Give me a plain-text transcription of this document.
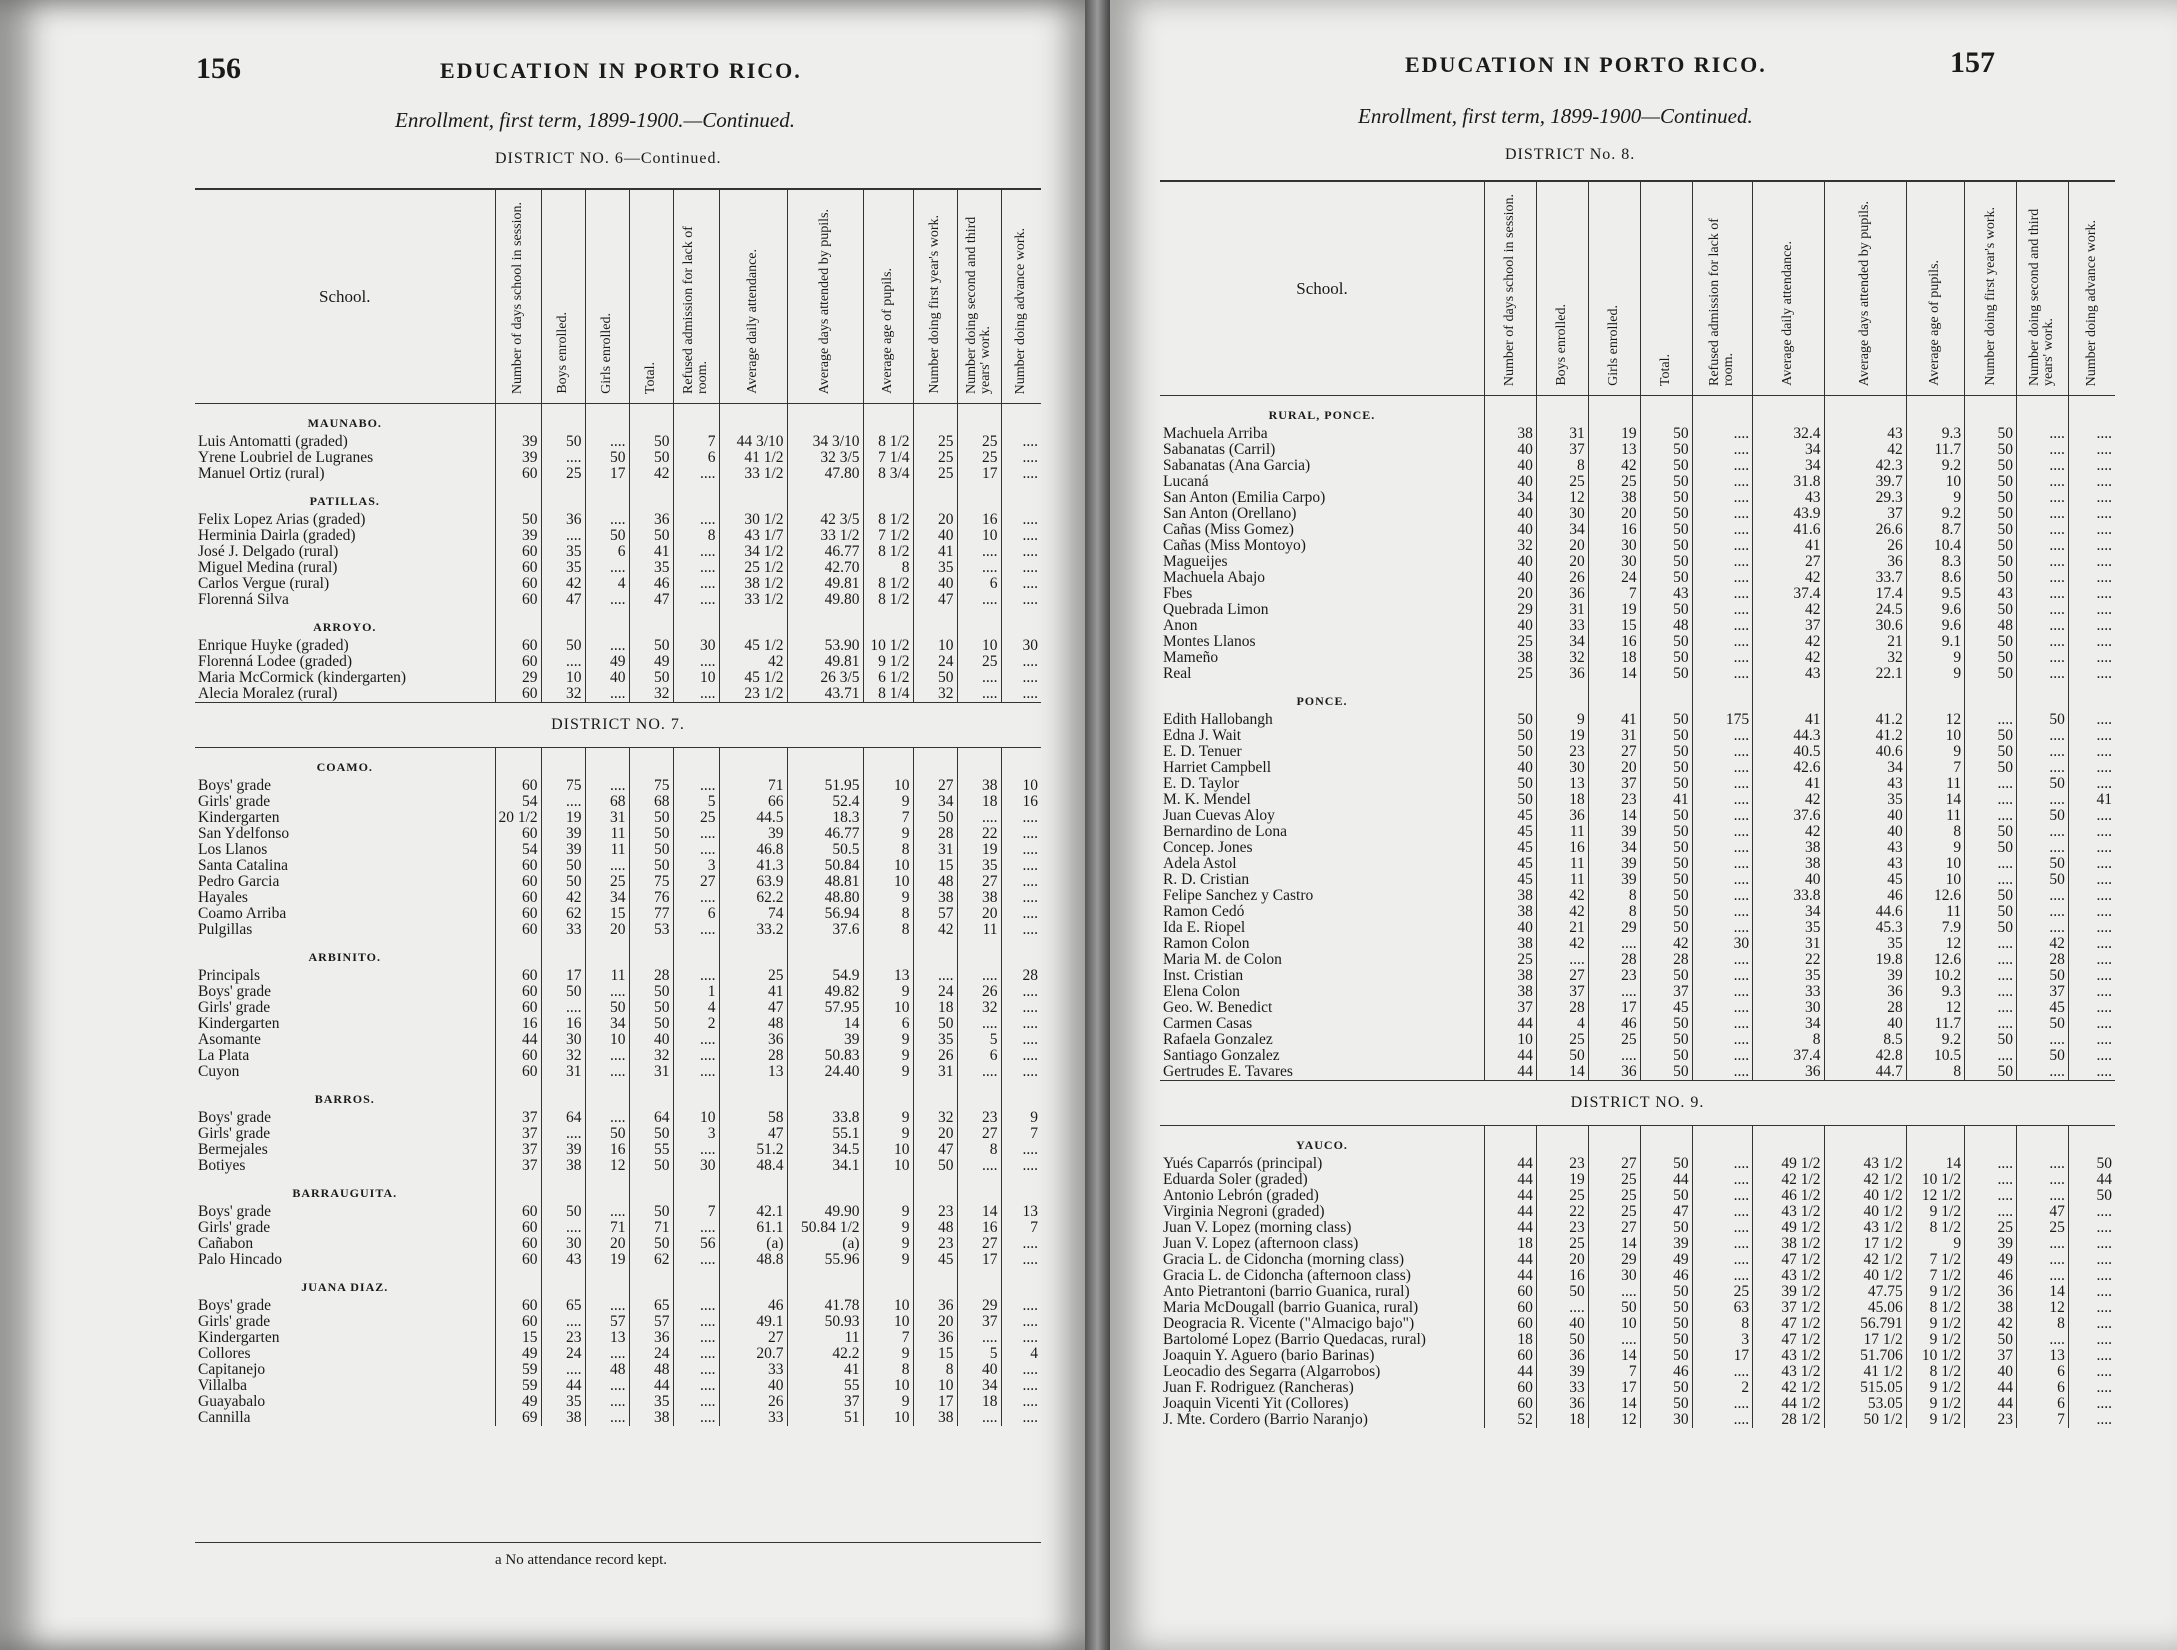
156	EDUCATION IN PORTO RICO.
Enrollment, first term, 1899-1900.—Continued.
DISTRICT NO. 6—Continued.
School.	Number of days school in session.	Boys enrolled.	Girls enrolled.	Total.	Refused admission for lack of room.	Average daily attendance.	Average days attended by pupils.	Average age of pupils.	Number doing first year's work.	Number doing second and third years' work.	Number doing advance work.
MAUNABO.											
Luis Antomatti (graded)	39	50	....	50	7	44 3/10	34 3/10	8 1/2	25	25	....
Yrene Loubriel de Lugranes	39	....	50	50	6	41 1/2	32 3/5	7 1/4	25	25	....
Manuel Ortiz (rural)	60	25	17	42	....	33 1/2	47.80	8 3/4	25	17	....
PATILLAS.											
Felix Lopez Arias (graded)	50	36	....	36	....	30 1/2	42 3/5	8 1/2	20	16	....
Herminia Dairla (graded)	39	....	50	50	8	43 1/7	33 1/2	7 1/2	40	10	....
José J. Delgado (rural)	60	35	6	41	....	34 1/2	46.77	8 1/2	41	....	....
Miguel Medina (rural)	60	35	....	35	....	25 1/2	42.70	8	35	....	....
Carlos Vergue (rural)	60	42	4	46	....	38 1/2	49.81	8 1/2	40	6	....
Florenná Silva	60	47	....	47	....	33 1/2	49.80	8 1/2	47	....	....
ARROYO.											
Enrique Huyke (graded)	60	50	....	50	30	45 1/2	53.90	10 1/2	10	10	30
Florenná Lodee (graded)	60	....	49	49	....	42	49.81	9 1/2	24	25	....
Maria McCormick (kindergarten)	29	10	40	50	10	45 1/2	26 3/5	6 1/2	50	....	....
Alecia Moralez (rural)	60	32	....	32	....	23 1/2	43.71	8 1/4	32	....	....
DISTRICT NO. 7.											
COAMO.											
Boys' grade	60	75	....	75	....	71	51.95	10	27	38	10
Girls' grade	54	....	68	68	5	66	52.4	9	34	18	16
Kindergarten	20 1/2	19	31	50	25	44.5	18.3	7	50	....	....
San Ydelfonso	60	39	11	50	....	39	46.77	9	28	22	....
Los Llanos	54	39	11	50	....	46.8	50.5	8	31	19	....
Santa Catalina	60	50	....	50	3	41.3	50.84	10	15	35	....
Pedro Garcia	60	50	25	75	27	63.9	48.81	10	48	27	....
Hayales	60	42	34	76	....	62.2	48.80	9	38	38	....
Coamo Arriba	60	62	15	77	6	74	56.94	8	57	20	....
Pulgillas	60	33	20	53	....	33.2	37.6	8	42	11	....
ARBINITO.											
Principals	60	17	11	28	....	25	54.9	13	....	....	28
Boys' grade	60	50	....	50	1	41	49.82	9	24	26	....
Girls' grade	60	....	50	50	4	47	57.95	10	18	32	....
Kindergarten	16	16	34	50	2	48	14	6	50	....	....
Asomante	44	30	10	40	....	36	39	9	35	5	....
La Plata	60	32	....	32	....	28	50.83	9	26	6	....
Cuyon	60	31	....	31	....	13	24.40	9	31	....	....
BARROS.											
Boys' grade	37	64	....	64	10	58	33.8	9	32	23	9
Girls' grade	37	....	50	50	3	47	55.1	9	20	27	7
Bermejales	37	39	16	55	....	51.2	34.5	10	47	8	....
Botiyes	37	38	12	50	30	48.4	34.1	10	50	....	....
BARRAUGUITA.											
Boys' grade	60	50	....	50	7	42.1	49.90	9	23	14	13
Girls' grade	60	....	71	71	....	61.1	50.84 1/2	9	48	16	7
Cañabon	60	30	20	50	56	(a)	(a)	9	23	27	....
Palo Hincado	60	43	19	62	....	48.8	55.96	9	45	17	....
JUANA DIAZ.											
Boys' grade	60	65	....	65	....	46	41.78	10	36	29	....
Girls' grade	60	....	57	57	....	49.1	50.93	10	20	37	....
Kindergarten	15	23	13	36	....	27	11	7	36	....	....
Collores	49	24	....	24	....	20.7	42.2	9	15	5	4
Capitanejo	59	....	48	48	....	33	41	8	8	40	....
Villalba	59	44	....	44	....	40	55	10	10	34	....
Guayabalo	49	35	....	35	....	26	37	9	17	18	....
Cannilla	69	38	....	38	....	33	51	10	38	....	....
a No attendance record kept.
EDUCATION IN PORTO RICO.	157
Enrollment, first term, 1899-1900—Continued.
DISTRICT No. 8.
School.	Number of days school in session.	Boys enrolled.	Girls enrolled.	Total.	Refused admission for lack of room.	Average daily attendance.	Average days attended by pupils.	Average age of pupils.	Number doing first year's work.	Number doing second and third years' work.	Number doing advance work.
RURAL, PONCE.											
Machuela Arriba	38	31	19	50	....	32.4	43	9.3	50	....	....
Sabanatas (Carril)	40	37	13	50	....	34	42	11.7	50	....	....
Sabanatas (Ana Garcia)	40	8	42	50	....	34	42.3	9.2	50	....	....
Lucaná	40	25	25	50	....	31.8	39.7	10	50	....	....
San Anton (Emilia Carpo)	34	12	38	50	....	43	29.3	9	50	....	....
San Anton (Orellano)	40	30	20	50	....	43.9	37	9.2	50	....	....
Cañas (Miss Gomez)	40	34	16	50	....	41.6	26.6	8.7	50	....	....
Cañas (Miss Montoyo)	32	20	30	50	....	41	26	10.4	50	....	....
Magueijes	40	20	30	50	....	27	36	8.3	50	....	....
Machuela Abajo	40	26	24	50	....	42	33.7	8.6	50	....	....
Fbes	20	36	7	43	....	37.4	17.4	9.5	43	....	....
Quebrada Limon	29	31	19	50	....	42	24.5	9.6	50	....	....
Anon	40	33	15	48	....	37	30.6	9.6	48	....	....
Montes Llanos	25	34	16	50	....	42	21	9.1	50	....	....
Mameño	38	32	18	50	....	42	32	9	50	....	....
Real	25	36	14	50	....	43	22.1	9	50	....	....
PONCE.											
Edith Hallobangh	50	9	41	50	175	41	41.2	12	....	50	....
Edna J. Wait	50	19	31	50	....	44.3	41.2	10	50	....	....
E. D. Tenuer	50	23	27	50	....	40.5	40.6	9	50	....	....
Harriet Campbell	40	30	20	50	....	42.6	34	7	50	....	....
E. D. Taylor	50	13	37	50	....	41	43	11	....	50	....
M. K. Mendel	50	18	23	41	....	42	35	14	....	....	41
Juan Cuevas Aloy	45	36	14	50	....	37.6	40	11	....	50	....
Bernardino de Lona	45	11	39	50	....	42	40	8	50	....	....
Concep. Jones	45	16	34	50	....	38	43	9	50	....	....
Adela Astol	45	11	39	50	....	38	43	10	....	50	....
R. D. Cristian	45	11	39	50	....	40	45	10	....	50	....
Felipe Sanchez y Castro	38	42	8	50	....	33.8	46	12.6	50	....	....
Ramon Cedó	38	42	8	50	....	34	44.6	11	50	....	....
Ida E. Riopel	40	21	29	50	....	35	45.3	7.9	50	....	....
Ramon Colon	38	42	....	42	30	31	35	12	....	42	....
Maria M. de Colon	25	....	28	28	....	22	19.8	12.6	....	28	....
Inst. Cristian	38	27	23	50	....	35	39	10.2	....	50	....
Elena Colon	38	37	....	37	....	33	36	9.3	....	37	....
Geo. W. Benedict	37	28	17	45	....	30	28	12	....	45	....
Carmen Casas	44	4	46	50	....	34	40	11.7	....	50	....
Rafaela Gonzalez	10	25	25	50	....	8	8.5	9.2	50	....	....
Santiago Gonzalez	44	50	....	50	....	37.4	42.8	10.5	....	50	....
Gertrudes E. Tavares	44	14	36	50	....	36	44.7	8	50	....	....
DISTRICT NO. 9.											
YAUCO.											
Yués Caparrós (principal)	44	23	27	50	....	49 1/2	43 1/2	14	....	....	50
Eduarda Soler (graded)	44	19	25	44	....	42 1/2	42 1/2	10 1/2	....	....	44
Antonio Lebrón (graded)	44	25	25	50	....	46 1/2	40 1/2	12 1/2	....	....	50
Virginia Negroni (graded)	44	22	25	47	....	43 1/2	40 1/2	9 1/2	....	47	....
Juan V. Lopez (morning class)	44	23	27	50	....	49 1/2	43 1/2	8 1/2	25	25	....
Juan V. Lopez (afternoon class)	18	25	14	39	....	38 1/2	17 1/2	9	39	....	....
Gracia L. de Cidoncha (morning class)	44	20	29	49	....	47 1/2	42 1/2	7 1/2	49	....	....
Gracia L. de Cidoncha (afternoon class)	44	16	30	46	....	43 1/2	40 1/2	7 1/2	46	....	....
Anto Pietrantoni (barrio Guanica, rural)	60	50	....	50	25	39 1/2	47.75	9 1/2	36	14	....
Maria McDougall (barrio Guanica, rural)	60	....	50	50	63	37 1/2	45.06	8 1/2	38	12	....
Deogracia R. Vicente ("Almacigo bajo")	60	40	10	50	8	47 1/2	56.791	9 1/2	42	8	....
Bartolomé Lopez (Barrio Quedacas, rural)	18	50	....	50	3	47 1/2	17 1/2	9 1/2	50	....	....
Joaquin Y. Aguero (bario Barinas)	60	36	14	50	17	43 1/2	51.706	10 1/2	37	13	....
Leocadio des Segarra (Algarrobos)	44	39	7	46	....	43 1/2	41 1/2	8 1/2	40	6	....
Juan F. Rodriguez (Rancheras)	60	33	17	50	2	42 1/2	515.05	9 1/2	44	6	....
Joaquin Vicenti Yit (Collores)	60	36	14	50	....	44 1/2	53.05	9 1/2	44	6	....
J. Mte. Cordero (Barrio Naranjo)	52	18	12	30	....	28 1/2	50 1/2	9 1/2	23	7	....
